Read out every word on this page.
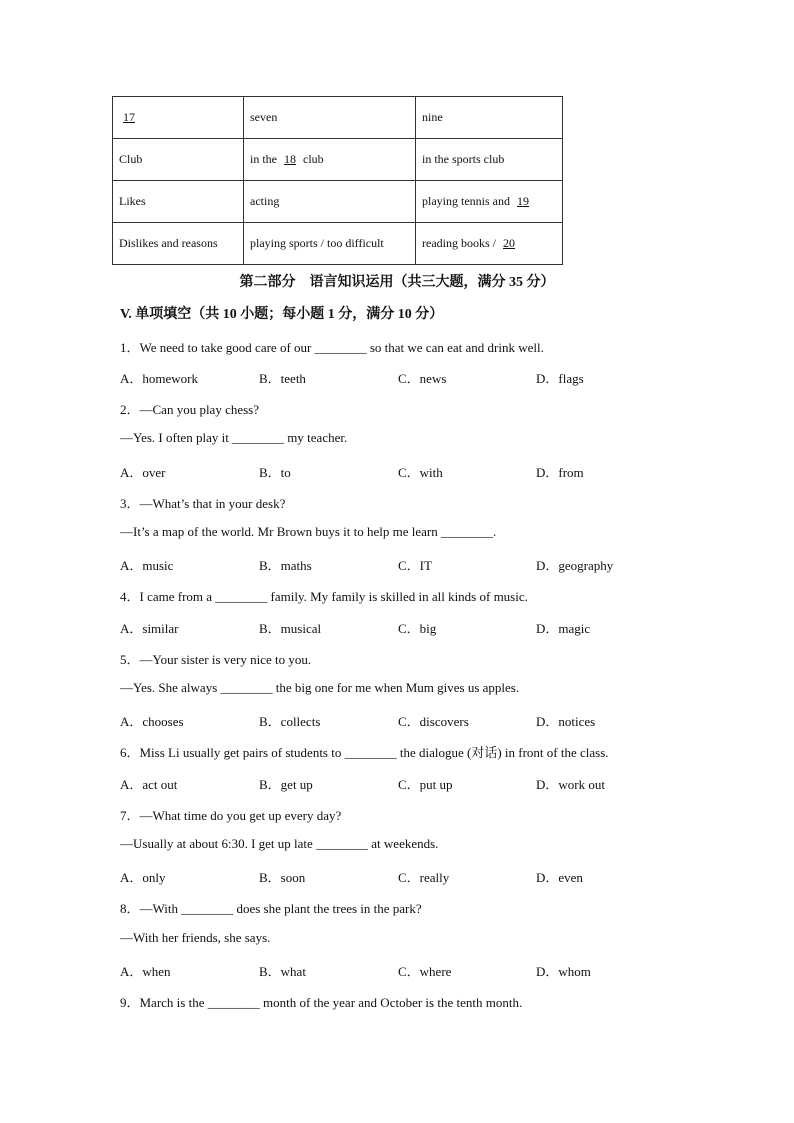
17	seven	nine
Club	in the 18 club	in the sports club
Likes	acting	playing tennis and 19
Dislikes and reasons	playing sports / too difficult	reading books / 20
第二部分 语言知识运用（共三大题，满分 35 分）
V. 单项填空（共 10 小题；每小题 1 分，满分 10 分）
1．We need to take good care of our ________ so that we can eat and drink well.
A．homework	B．teeth	C．news	D．flags
2．—Can you play chess?
—Yes. I often play it ________ my teacher.
A．over	B．to	C．with	D．from
3．—What’s that in your desk?
—It’s a map of the world. Mr Brown buys it to help me learn ________.
A．music	B．maths	C．IT	D．geography
4．I came from a ________ family. My family is skilled in all kinds of music.
A．similar	B．musical	C．big	D．magic
5．—Your sister is very nice to you.
—Yes. She always ________ the big one for me when Mum gives us apples.
A．chooses	B．collects	C．discovers	D．notices
6．Miss Li usually get pairs of students to ________ the dialogue (对话) in front of the class.
A．act out	B．get up	C．put up	D．work out
7．—What time do you get up every day?
—Usually at about 6:30. I get up late ________ at weekends.
A．only	B．soon	C．really	D．even
8．—With ________ does she plant the trees in the park?
—With her friends, she says.
A．when	B．what	C．where	D．whom
9．March is the ________ month of the year and October is the tenth month.
